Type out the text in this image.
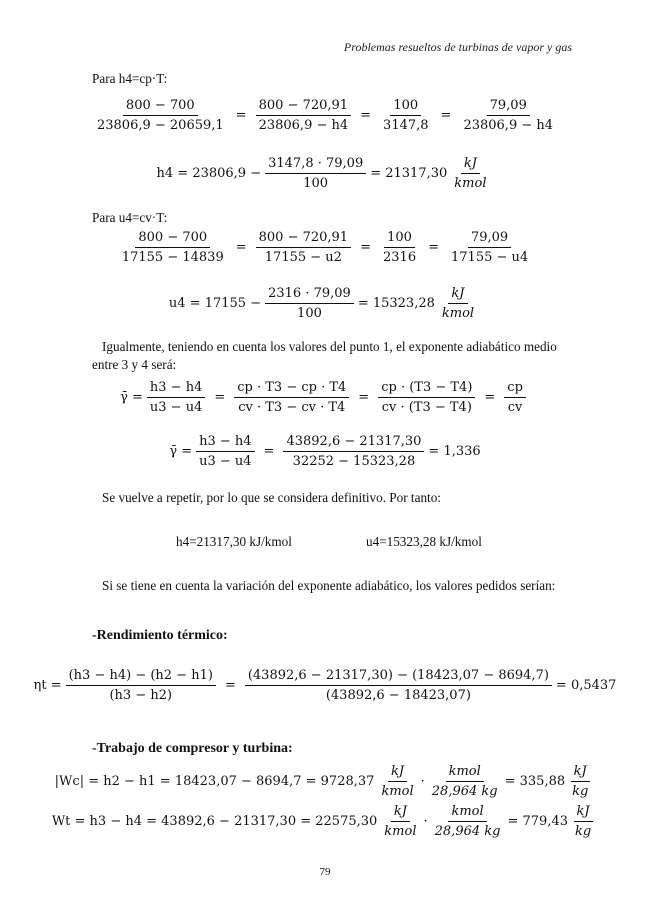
Problemas resueltos de turbinas de vapor y gas
Para h4=cp·T:
$\frac{800 - 700}{23806,9 - 20659,1} = \frac{800 - 720,91}{23806,9 - h4} = \frac{100}{3147,8} = \frac{79,09}{23806,9 - h4}$
$h4 = 23806,9 - \frac{3147,8 \cdot 79,09}{100} = 21317,30 \frac{kJ}{\text{kmol}}$
Para u4=cv·T:
$\frac{800 - 700}{17155 - 14839} = \frac{800 - 720,91}{17155 - u2} = \frac{100}{2316} = \frac{79,09}{17155 - u4}$
$u4 = 17155 - \frac{2316 \cdot 79,09}{100} = 15323,28 \frac{kJ}{\text{kmol}}$
Igualmente, teniendo en cuenta los valores del punto 1, el exponente adiabático medio entre 3 y 4 será:
γ̄ = $\frac{h3 - h4}{u3 - u4} = \frac{cp \cdot T3 - cp \cdot T4}{cv \cdot T3 - cv \cdot T4} = \frac{cp \cdot (T3 - T4)}{cv \cdot (T3 - T4)} = \frac{cp}{cv}$
γ̄ = $\frac{h3 - h4}{u3 - u4} = \frac{43892,6 - 21317,30}{32252 - 15323,28} = 1,336$
Se vuelve a repetir, por lo que se considera definitivo. Por tanto:
h4=21317,30 kJ/kmol	u4=15323,28 kJ/kmol
Si se tiene en cuenta la variación del exponente adiabático, los valores pedidos serían:
-Rendimiento térmico:
$\eta t = \frac{(h3 - h4) - (h2 - h1)}{(h3 - h2)} = \frac{(43892,6 - 21317,30) - (18423,07 - 8694,7)}{(43892,6 - 18423,07)} = 0,5437$
-Trabajo de compresor y turbina:
$|Wc| = h2 - h1 = 18423,07 - 8694,7 = 9728,37 \frac{kJ}{\text{kmol}} \cdot \frac{\text{kmol}}{28,964 kg} = 335,88 \frac{kJ}{kg}$
$Wt = h3 - h4 = 43892,6 - 21317,30 = 22575,30 \frac{kJ}{\text{kmol}} \cdot \frac{\text{kmol}}{28,964 kg} = 779,43 \frac{kJ}{kg}$
79
